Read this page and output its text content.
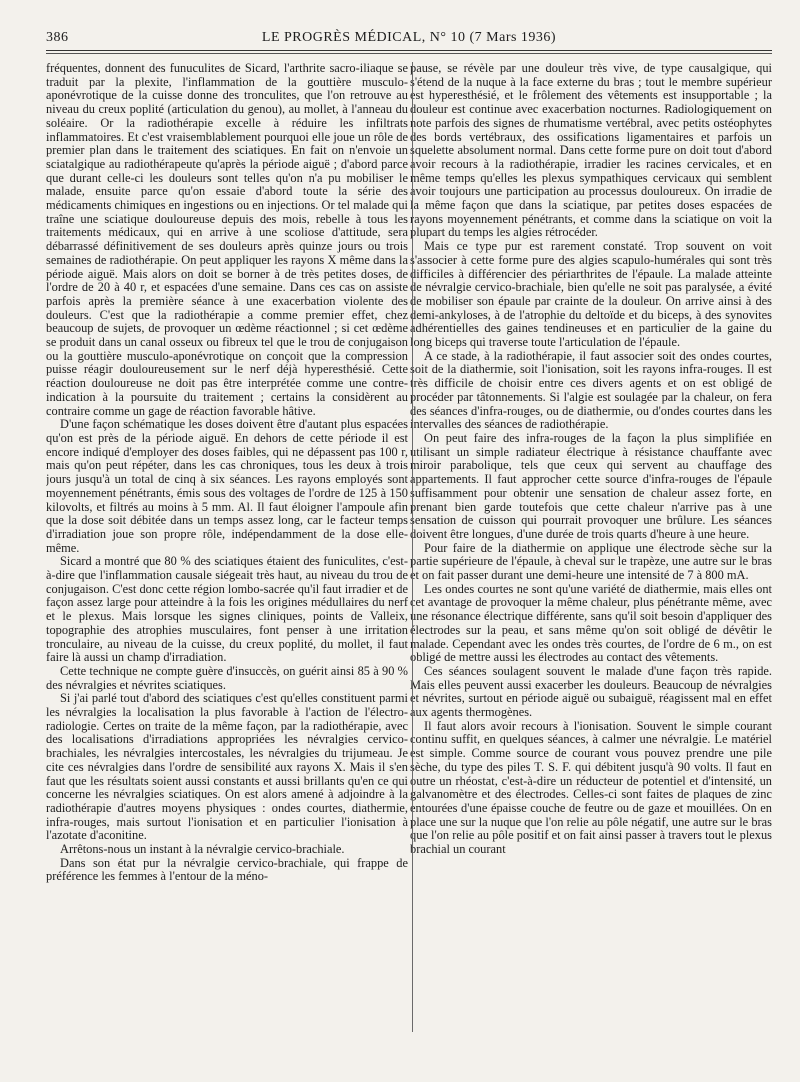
386	LE PROGRÈS MÉDICAL, N° 10 (7 Mars 1936)

fréquentes, donnent des funuculites de Sicard, l'arthrite sacro-iliaque se traduit par la plexite, l'inflammation de la gouttière musculo-aponévrotique de la cuisse donne des tronculites, que l'on retrouve au niveau du creux poplité (articulation du genou), au mollet, à l'anneau du soléaire. Or la radiothérapie excelle à réduire les infiltrats inflammatoires. Et c'est vraisemblablement pourquoi elle joue un rôle de premier plan dans le traitement des sciatiques. En fait on n'envoie un sciatalgique au radiothérapeute qu'après la période aiguë ; d'abord parce que durant celle-ci les douleurs sont telles qu'on n'a pu mobiliser le malade, ensuite parce qu'on essaie d'abord toute la série des médicaments chimiques en ingestions ou en injections. Or tel malade qui traîne une sciatique douloureuse depuis des mois, rebelle à tous les traitements médicaux, qui en arrive à une scoliose d'attitude, sera débarrassé définitivement de ses douleurs après quinze jours ou trois semaines de radiothérapie. On peut appliquer les rayons X même dans la période aiguë. Mais alors on doit se borner à de très petites doses, de l'ordre de 20 à 40 r, et espacées d'une semaine. Dans ces cas on assiste parfois après la première séance à une exacerbation violente des douleurs. C'est que la radiothérapie a comme premier effet, chez beaucoup de sujets, de provoquer un œdème réactionnel ; si cet œdème se produit dans un canal osseux ou fibreux tel que le trou de conjugaison ou la gouttière musculo-aponévrotique on conçoit que la compression puisse réagir douloureusement sur le nerf déjà hyperesthésié. Cette réaction douloureuse ne doit pas être interprétée comme une contre-indication à la poursuite du traitement ; certains la considèrent au contraire comme un gage de réaction favorable hâtive.

D'une façon schématique les doses doivent être d'autant plus espacées qu'on est près de la période aiguë. En dehors de cette période il est encore indiqué d'employer des doses faibles, qui ne dépassent pas 100 r, mais qu'on peut répéter, dans les cas chroniques, tous les deux à trois jours jusqu'à un total de cinq à six séances. Les rayons employés sont moyennement pénétrants, émis sous des voltages de l'ordre de 125 à 150 kilovolts, et filtrés au moins à 5 mm. Al. Il faut éloigner l'ampoule afin que la dose soit débitée dans un temps assez long, car le facteur temps d'irradiation joue son propre rôle, indépendamment de la dose elle-même.

Sicard a montré que 80 % des sciatiques étaient des funiculites, c'est-à-dire que l'inflammation causale siégeait très haut, au niveau du trou de conjugaison. C'est donc cette région lombo-sacrée qu'il faut irradier et de façon assez large pour atteindre à la fois les origines médullaires du nerf et le plexus. Mais lorsque les signes cliniques, points de Valleix, topographie des atrophies musculaires, font penser à une irritation tronculaire, au niveau de la cuisse, du creux poplité, du mollet, il faut faire là aussi un champ d'irradiation.

Cette technique ne compte guère d'insuccès, on guérit ainsi 85 à 90 % des névralgies et névrites sciatiques.

Si j'ai parlé tout d'abord des sciatiques c'est qu'elles constituent parmi les névralgies la localisation la plus favorable à l'action de l'électro-radiologie. Certes on traite de la même façon, par la radiothérapie, avec des localisations d'irradiations appropriées les névralgies cervico-brachiales, les névralgies intercostales, les névralgies du trijumeau. Je cite ces névralgies dans l'ordre de sensibilité aux rayons X. Mais il s'en faut que les résultats soient aussi constants et aussi brillants qu'en ce qui concerne les névralgies sciatiques. On est alors amené à adjoindre à la radiothérapie d'autres moyens physiques : ondes courtes, diathermie, infra-rouges, mais surtout l'ionisation et en particulier l'ionisation à l'azotate d'aconitine.

Arrêtons-nous un instant à la névralgie cervico-brachiale.

Dans son état pur la névralgie cervico-brachiale, qui frappe de préférence les femmes à l'entour de la méno-

pause, se révèle par une douleur très vive, de type causalgique, qui s'étend de la nuque à la face externe du bras ; tout le membre supérieur est hyperesthésié, et le frôlement des vêtements est insupportable ; la douleur est continue avec exacerbation nocturnes. Radiologiquement on note parfois des signes de rhumatisme vertébral, avec petits ostéophytes des bords vertébraux, des ossifications ligamentaires et parfois un squelette absolument normal. Dans cette forme pure on doit tout d'abord avoir recours à la radiothérapie, irradier les racines cervicales, et en même temps qu'elles les plexus sympathiques cervicaux qui semblent avoir toujours une participation au processus douloureux. On irradie de la même façon que dans la sciatique, par petites doses espacées de rayons moyennement pénétrants, et comme dans la sciatique on voit la plupart du temps les algies rétrocéder.

Mais ce type pur est rarement constaté. Trop souvent on voit s'associer à cette forme pure des algies scapulo-humérales qui sont très difficiles à différencier des périarthrites de l'épaule. La malade atteinte de névralgie cervico-brachiale, bien qu'elle ne soit pas paralysée, a évité de mobiliser son épaule par crainte de la douleur. On arrive ainsi à des demi-ankyloses, à de l'atrophie du deltoïde et du biceps, à des synovites adhérentielles des gaines tendineuses et en particulier de la gaine du long biceps qui traverse toute l'articulation de l'épaule.

A ce stade, à la radiothérapie, il faut associer soit des ondes courtes, soit de la diathermie, soit l'ionisation, soit les rayons infra-rouges. Il est très difficile de choisir entre ces divers agents et on est obligé de procéder par tâtonnements. Si l'algie est soulagée par la chaleur, on fera des séances d'infra-rouges, ou de diathermie, ou d'ondes courtes dans les intervalles des séances de radiothérapie.

On peut faire des infra-rouges de la façon la plus simplifiée en utilisant un simple radiateur électrique à résistance chauffante avec miroir parabolique, tels que ceux qui servent au chauffage des appartements. Il faut approcher cette source d'infra-rouges de l'épaule suffisamment pour obtenir une sensation de chaleur assez forte, en prenant bien garde toutefois que cette chaleur n'arrive pas à une sensation de cuisson qui pourrait provoquer une brûlure. Les séances doivent être longues, d'une durée de trois quarts d'heure à une heure.

Pour faire de la diathermie on applique une électrode sèche sur la partie supérieure de l'épaule, à cheval sur le trapèze, une autre sur le bras et on fait passer durant une demi-heure une intensité de 7 à 800 mA.

Les ondes courtes ne sont qu'une variété de diathermie, mais elles ont cet avantage de provoquer la même chaleur, plus pénétrante même, avec une résonance électrique différente, sans qu'il soit besoin d'appliquer des électrodes sur la peau, et sans même qu'on soit obligé de dévêtir le malade. Cependant avec les ondes très courtes, de l'ordre de 6 m., on est obligé de mettre aussi les électrodes au contact des vêtements.

Ces séances soulagent souvent le malade d'une façon très rapide. Mais elles peuvent aussi exacerber les douleurs. Beaucoup de névralgies et névrites, surtout en période aiguë ou subaiguë, réagissent mal en effet aux agents thermogènes.

Il faut alors avoir recours à l'ionisation. Souvent le simple courant continu suffit, en quelques séances, à calmer une névralgie. Le matériel est simple. Comme source de courant vous pouvez prendre une pile sèche, du type des piles T. S. F. qui débitent jusqu'à 90 volts. Il faut en outre un rhéostat, c'est-à-dire un réducteur de potentiel et d'intensité, un galvanomètre et des électrodes. Celles-ci sont faites de plaques de zinc entourées d'une épaisse couche de feutre ou de gaze et mouillées. On en place une sur la nuque que l'on relie au pôle négatif, une autre sur le bras que l'on relie au pôle positif et on fait ainsi passer à travers tout le plexus brachial un courant
